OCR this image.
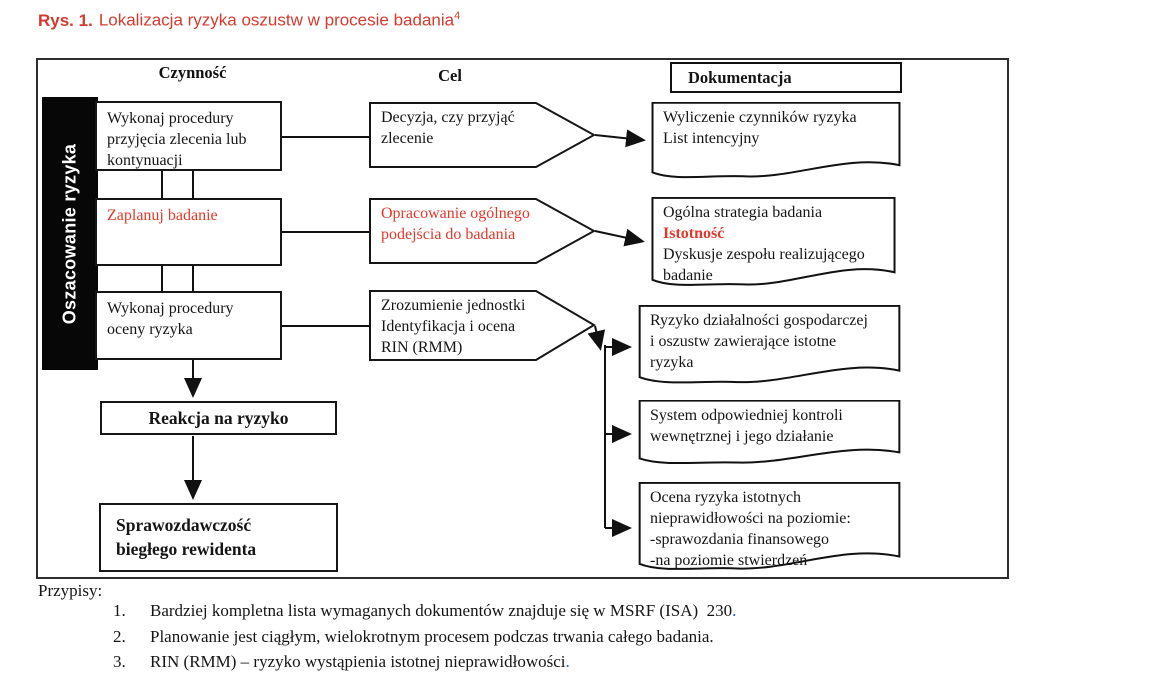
Rys. 1. Lokalizacja ryzyka oszustw w procesie badania$^4$
Czynność	Cel	Dokumentacja
Oszacowanie ryzyka
Wykonaj procedury
przyjęcia zlecenia lub
kontynuacji
Zaplanuj badanie
Wykonaj procedury
oceny ryzyka
Decyzja, czy przyjąć
zlecenie
Opracowanie ogólnego
podejścia do badania
Zrozumienie jednostki
Identyfikacja i ocena
RIN (RMM)
Wyliczenie czynników ryzyka
List intencyjny
Ogólna strategia badania
Istotność
Dyskusje zespołu realizującego
badanie
Ryzyko działalności gospodarczej
i oszustw zawierające istotne
ryzyka
System odpowiedniej kontroli
wewnętrznej i jego działanie
Ocena ryzyka istotnych
nieprawidłowości na poziomie:
-sprawozdania finansowego
-na poziomie stwierdzeń
Reakcja na ryzyko
Sprawozdawczość
biegłego rewidenta
Przypisy:
1.	Bardziej kompletna lista wymaganych dokumentów znajduje się w MSRF (ISA)  230 .
2.	Planowanie jest ciągłym, wielokrotnym procesem podczas trwania całego badania.
3.	RIN (RMM) – ryzyko wystąpienia istotnej nieprawidłowości .
